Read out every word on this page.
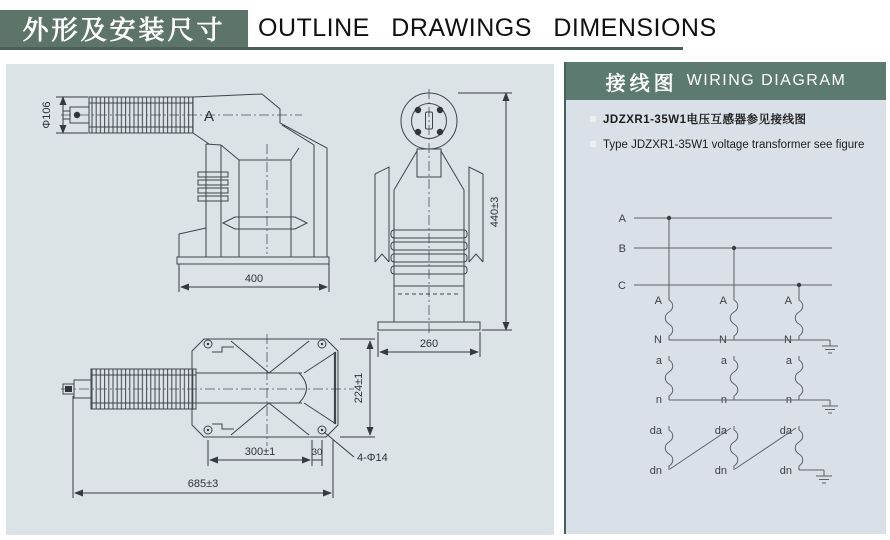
外形及安装尺寸 OUTLINE DRAWINGS DIMENSIONS
Φ106	A
400
440±3
260
224±1
300±1	30	4-Φ14
685±3
接线图 WIRING DIAGRAM
JDZXR1-35W1电压互感器参见接线图
Type JDZXR1-35W1 voltage transformer see figure
A
B
C
A	A	A
N	N	N
a	a	a
n	n	n
da	da	da
dn	dn	dn
